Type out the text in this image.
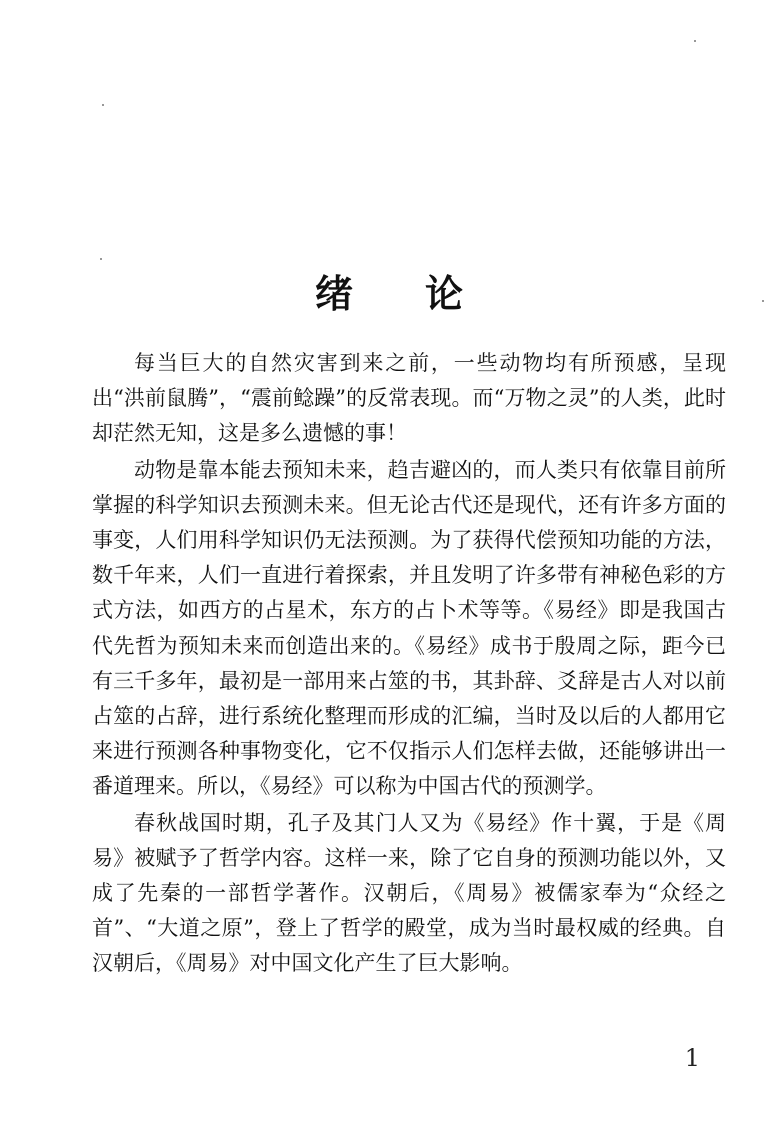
绪 论

每当巨大的自然灾害到来之前，一些动物均有所预感，呈现出“洪前鼠腾”，“震前鲶躁”的反常表现。而“万物之灵”的人类，此时却茫然无知，这是多么遗憾的事！

动物是靠本能去预知未来，趋吉避凶的，而人类只有依靠目前所掌握的科学知识去预测未来。但无论古代还是现代，还有许多方面的事变，人们用科学知识仍无法预测。为了获得代偿预知功能的方法，数千年来，人们一直进行着探索，并且发明了许多带有神秘色彩的方式方法，如西方的占星术，东方的占卜术等等。《易经》即是我国古代先哲为预知未来而创造出来的。《易经》成书于殷周之际，距今已有三千多年，最初是一部用来占筮的书，其卦辞、爻辞是古人对以前占筮的占辞，进行系统化整理而形成的汇编，当时及以后的人都用它来进行预测各种事物变化，它不仅指示人们怎样去做，还能够讲出一番道理来。所以，《易经》可以称为中国古代的预测学。

春秋战国时期，孔子及其门人又为《易经》作十翼，于是《周易》被赋予了哲学内容。这样一来，除了它自身的预测功能以外，又成了先秦的一部哲学著作。汉朝后，《周易》被儒家奉为“众经之首”、“大道之原”，登上了哲学的殿堂，成为当时最权威的经典。自汉朝后，《周易》对中国文化产生了巨大影响。

1
